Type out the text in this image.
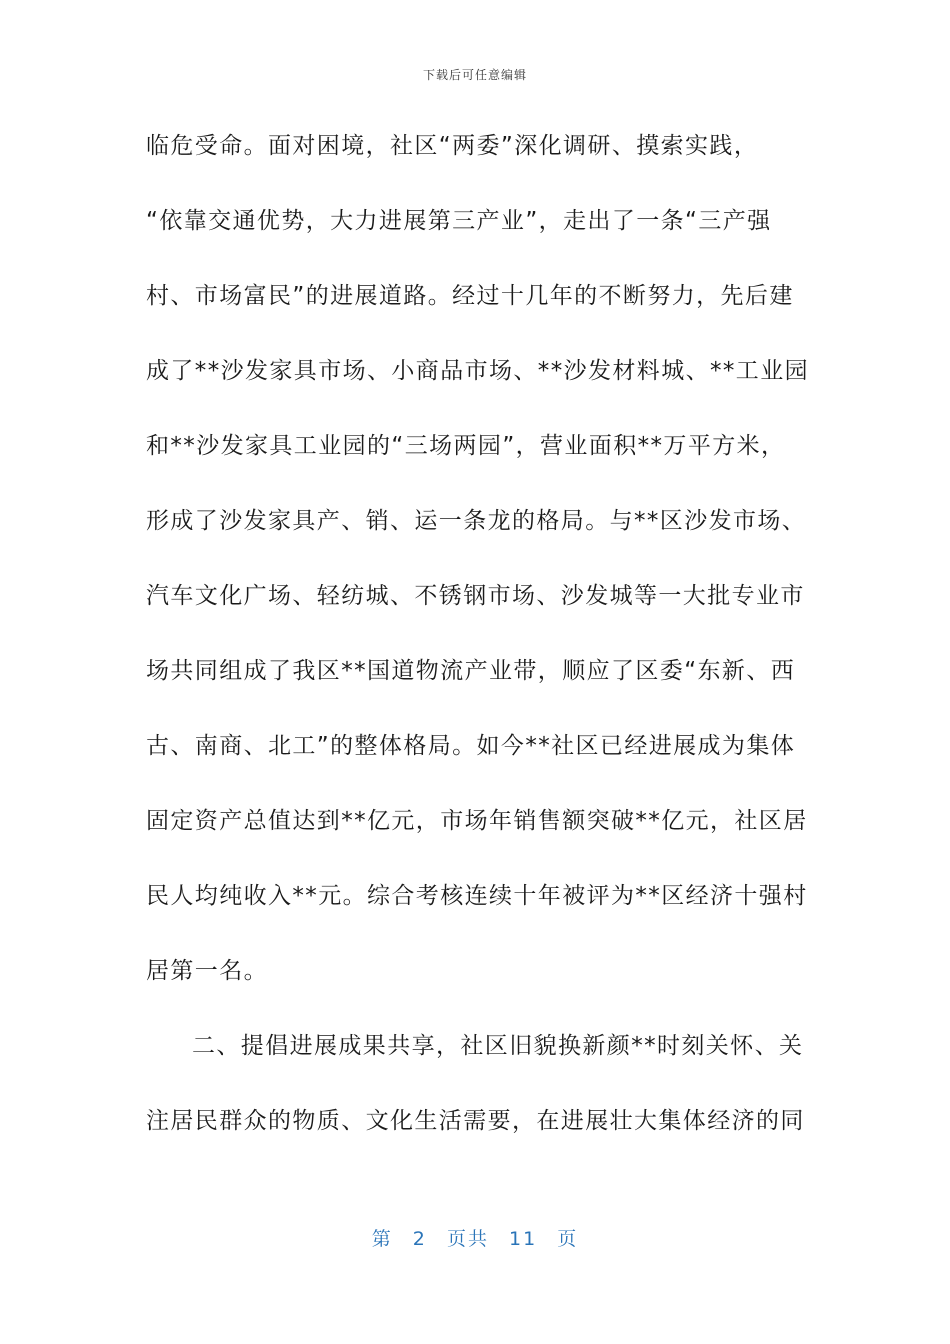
下载后可任意编辑
临危受命。面对困境，社区“两委”深化调研、摸索实践，
“依靠交通优势，大力进展第三产业”，走出了一条“三产强
村、市场富民”的进展道路。经过十几年的不断努力，先后建
成了**沙发家具市场、小商品市场、**沙发材料城、**工业园
和**沙发家具工业园的“三场两园”，营业面积**万平方米，
形成了沙发家具产、销、运一条龙的格局。与**区沙发市场、
汽车文化广场、轻纺城、不锈钢市场、沙发城等一大批专业市
场共同组成了我区**国道物流产业带，顺应了区委“东新、西
古、南商、北工”的整体格局。如今**社区已经进展成为集体
固定资产总值达到**亿元，市场年销售额突破**亿元，社区居
民人均纯收入**元。综合考核连续十年被评为**区经济十强村
居第一名。
二、提倡进展成果共享，社区旧貌换新颜**时刻关怀、关
注居民群众的物质、文化生活需要，在进展壮大集体经济的同
第 2 页共 11 页
